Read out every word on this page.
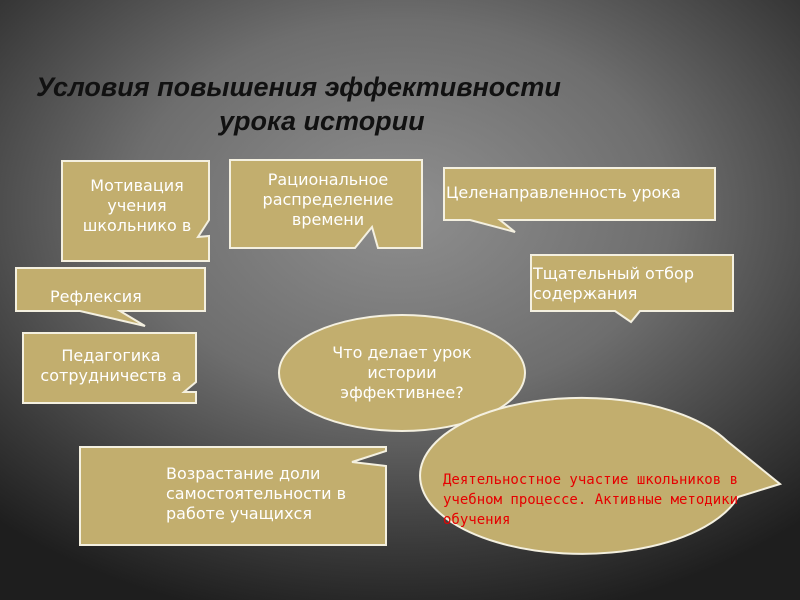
Условия повышения эффективности
урока истории
Мотивация учения школьнико в
Рациональное распределение времени
Целенаправленность урока
Рефлексия
Тщательный отбор содержания
Педагогика сотрудничеств а
Что делает урок истории эффективнее?
Возрастание доли самостоятельности в работе учащихся
Деятельностное участие школьников в учебном процессе. Активные методики обучения
